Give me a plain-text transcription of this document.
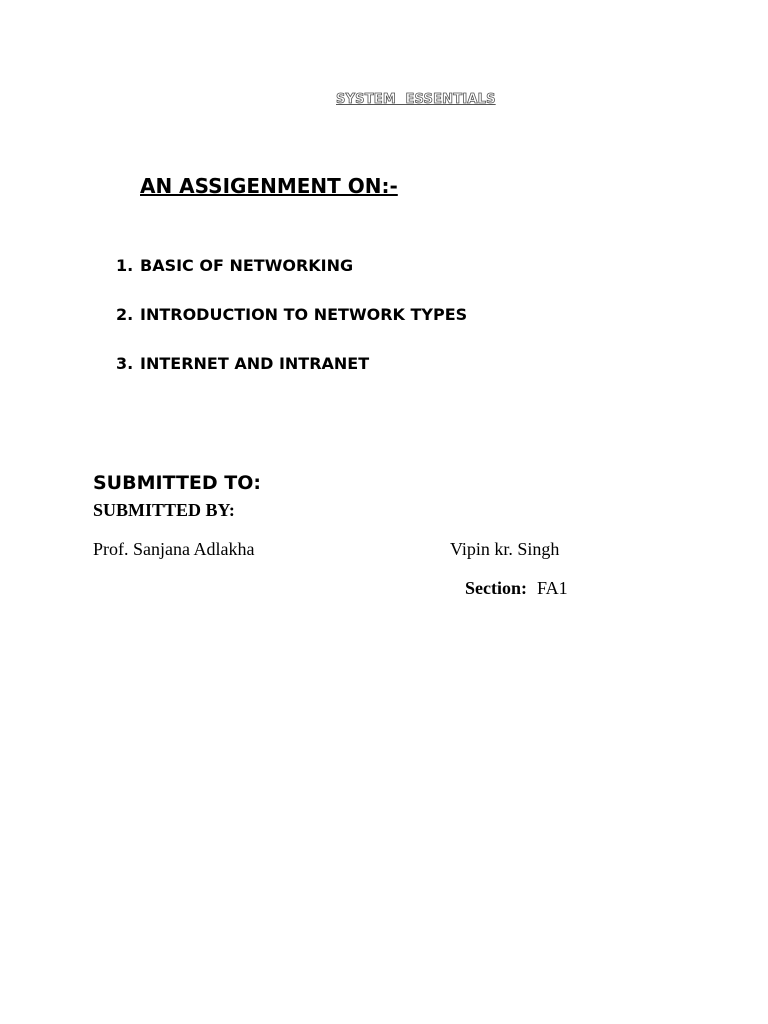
SYSTEM  ESSENTIALS
AN ASSIGENMENT ON:-
1. BASIC OF NETWORKING
2. INTRODUCTION TO NETWORK TYPES
3. INTERNET AND INTRANET
SUBMITTED TO:
SUBMITTED BY:
Prof. Sanjana Adlakha	Vipin kr. Singh
Section: FA1
